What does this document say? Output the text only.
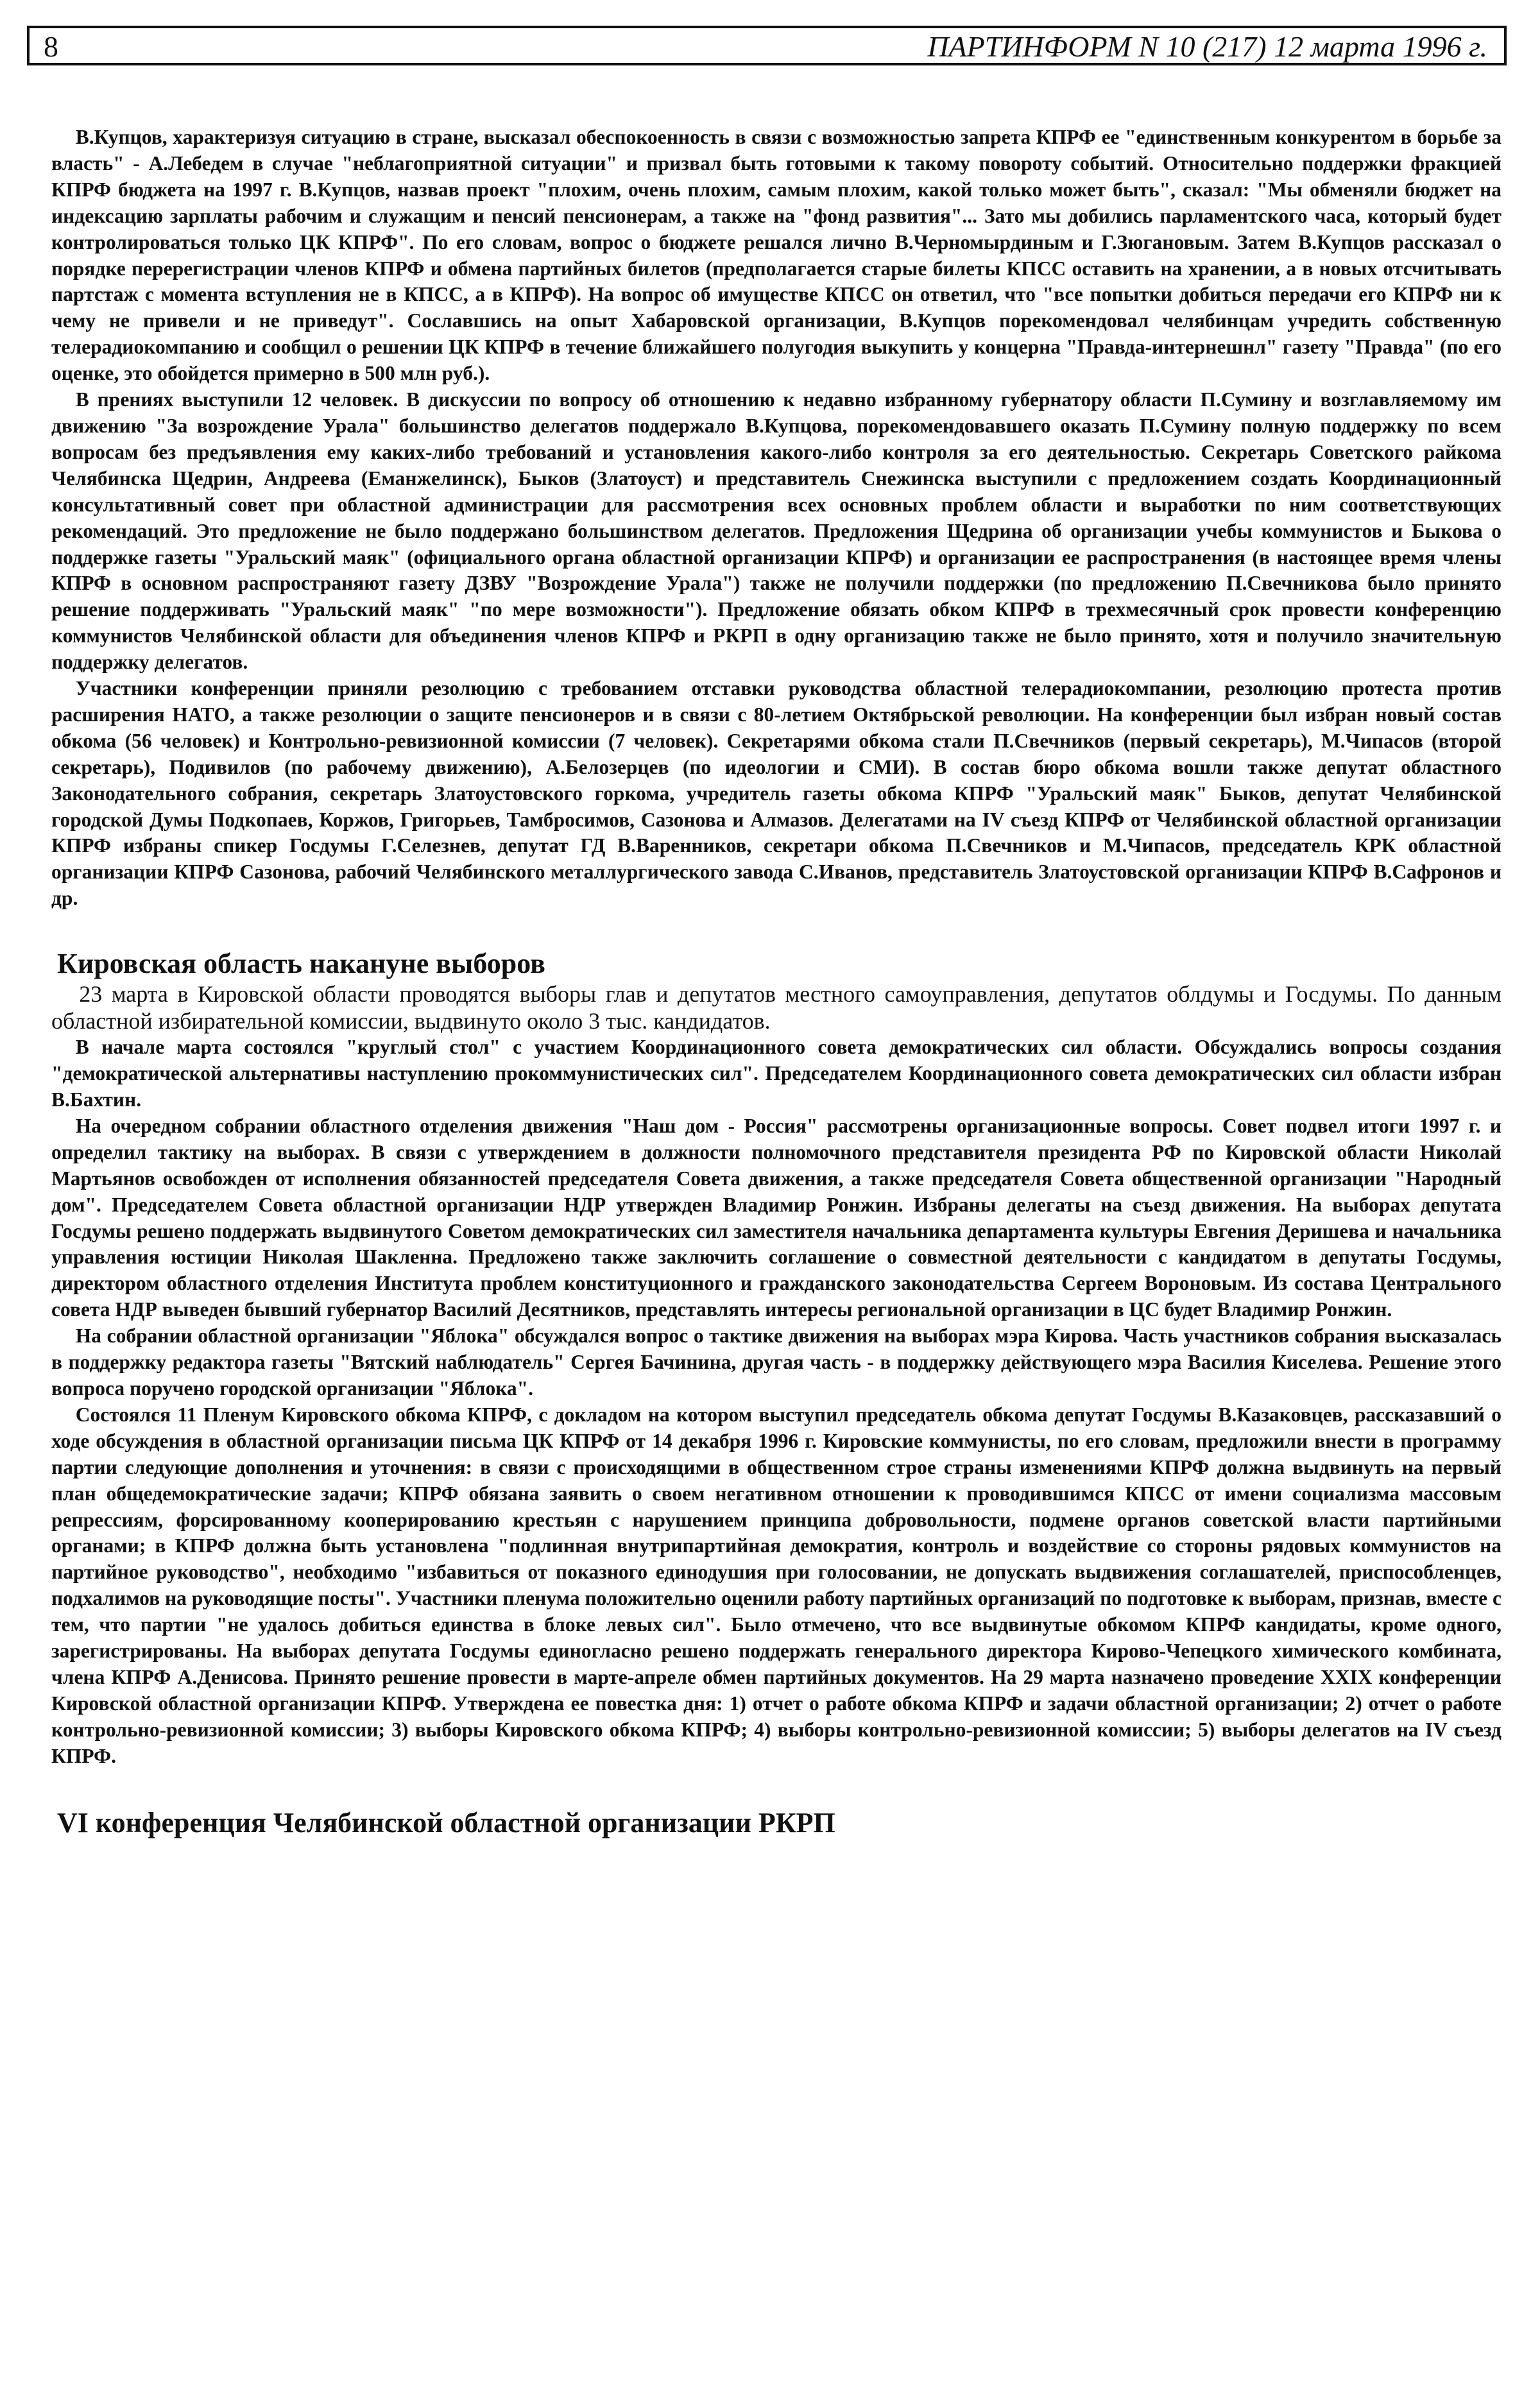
8	ПАРТИНФОРМ N 10 (217) 12 марта 1996 г.

В.Купцов, характеризуя ситуацию в стране, высказал обеспокоенность в связи с возможностью запрета КПРФ ее "единственным конкурентом в борьбе за власть" - А.Лебедем в случае "неблагоприятной ситуации" и призвал быть готовыми к такому повороту событий. Относительно поддержки фракцией КПРФ бюджета на 1997 г. В.Купцов, назвав проект "плохим, очень плохим, самым плохим, какой только может быть", сказал: "Мы обменяли бюджет на индексацию зарплаты рабочим и служащим и пенсий пенсионерам, а также на "фонд развития"... Зато мы добились парламентского часа, который будет контролироваться только ЦК КПРФ". По его словам, вопрос о бюджете решался лично В.Черномырдиным и Г.Зюгановым. Затем В.Купцов рассказал о порядке перерегистрации членов КПРФ и обмена партийных билетов (предполагается старые билеты КПСС оставить на хранении, а в новых отсчитывать партстаж с момента вступления не в КПСС, а в КПРФ). На вопрос об имуществе КПСС он ответил, что "все попытки добиться передачи его КПРФ ни к чему не привели и не приведут". Сославшись на опыт Хабаровской организации, В.Купцов порекомендовал челябинцам учредить собственную телерадиокомпанию и сообщил о решении ЦК КПРФ в течение ближайшего полугодия выкупить у концерна "Правда-интернешнл" газету "Правда" (по его оценке, это обойдется примерно в 500 млн руб.).

В прениях выступили 12 человек. В дискуссии по вопросу об отношению к недавно избранному губернатору области П.Сумину и возглавляемому им движению "За возрождение Урала" большинство делегатов поддержало В.Купцова, порекомендовавшего оказать П.Сумину полную поддержку по всем вопросам без предъявления ему каких-либо требований и установления какого-либо контроля за его деятельностью. Секретарь Советского райкома Челябинска Щедрин, Андреева (Еманжелинск), Быков (Златоуст) и представитель Снежинска выступили с предложением создать Координационный консультативный совет при областной администрации для рассмотрения всех основных проблем области и выработки по ним соответствующих рекомендаций. Это предложение не было поддержано большинством делегатов. Предложения Щедрина об организации учебы коммунистов и Быкова о поддержке газеты "Уральский маяк" (официального органа областной организации КПРФ) и организации ее распространения (в настоящее время члены КПРФ в основном распространяют газету ДЗВУ "Возрождение Урала") также не получили поддержки (по предложению П.Свечникова было принято решение поддерживать "Уральский маяк" "по мере возможности"). Предложение обязать обком КПРФ в трехмесячный срок провести конференцию коммунистов Челябинской области для объединения членов КПРФ и РКРП в одну организацию также не было принято, хотя и получило значительную поддержку делегатов.

Участники конференции приняли резолюцию с требованием отставки руководства областной телерадиокомпании, резолюцию протеста против расширения НАТО, а также резолюции о защите пенсионеров и в связи с 80-летием Октябрьской революции. На конференции был избран новый состав обкома (56 человек) и Контрольно-ревизионной комиссии (7 человек). Секретарями обкома стали П.Свечников (первый секретарь), М.Чипасов (второй секретарь), Подивилов (по рабочему движению), А.Белозерцев (по идеологии и СМИ). В состав бюро обкома вошли также депутат областного Законодательного собрания, секретарь Златоустовского горкома, учредитель газеты обкома КПРФ "Уральский маяк" Быков, депутат Челябинской городской Думы Подкопаев, Коржов, Григорьев, Тамбросимов, Сазонова и Алмазов. Делегатами на IV съезд КПРФ от Челябинской областной организации КПРФ избраны спикер Госдумы Г.Селезнев, депутат ГД В.Варенников, секретари обкома П.Свечников и М.Чипасов, председатель КРК областной организации КПРФ Сазонова, рабочий Челябинского металлургического завода С.Иванов, представитель Златоустовской организации КПРФ В.Сафронов и др.

Кировская область накануне выборов

23 марта в Кировской области проводятся выборы глав и депутатов местного самоуправления, депутатов облдумы и Госдумы. По данным областной избирательной комиссии, выдвинуто около 3 тыс. кандидатов.

В начале марта состоялся "круглый стол" с участием Координационного совета демократических сил области. Обсуждались вопросы создания "демократической альтернативы наступлению прокоммунистических сил". Председателем Координационного совета демократических сил области избран В.Бахтин.

На очередном собрании областного отделения движения "Наш дом - Россия" рассмотрены организационные вопросы. Совет подвел итоги 1997 г. и определил тактику на выборах. В связи с утверждением в должности полномочного представителя президента РФ по Кировской области Николай Мартьянов освобожден от исполнения обязанностей председателя Совета движения, а также председателя Совета общественной организации "Народный дом". Председателем Совета областной организации НДР утвержден Владимир Ронжин. Избраны делегаты на съезд движения. На выборах депутата Госдумы решено поддержать выдвинутого Советом демократических сил заместителя начальника департамента культуры Евгения Деришева и начальника управления юстиции Николая Шакленна. Предложено также заключить соглашение о совместной деятельности с кандидатом в депутаты Госдумы, директором областного отделения Института проблем конституционного и гражданского законодательства Сергеем Вороновым. Из состава Центрального совета НДР выведен бывший губернатор Василий Десятников, представлять интересы региональной организации в ЦС будет Владимир Ронжин.

На собрании областной организации "Яблока" обсуждался вопрос о тактике движения на выборах мэра Кирова. Часть участников собрания высказалась в поддержку редактора газеты "Вятский наблюдатель" Сергея Бачинина, другая часть - в поддержку действующего мэра Василия Киселева. Решение этого вопроса поручено городской организации "Яблока".

Состоялся 11 Пленум Кировского обкома КПРФ, с докладом на котором выступил председатель обкома депутат Госдумы В.Казаковцев, рассказавший о ходе обсуждения в областной организации письма ЦК КПРФ от 14 декабря 1996 г. Кировские коммунисты, по его словам, предложили внести в программу партии следующие дополнения и уточнения: в связи с происходящими в общественном строе страны изменениями КПРФ должна выдвинуть на первый план общедемократические задачи; КПРФ обязана заявить о своем негативном отношении к проводившимся КПСС от имени социализма массовым репрессиям, форсированному кооперированию крестьян с нарушением принципа добровольности, подмене органов советской власти партийными органами; в КПРФ должна быть установлена "подлинная внутрипартийная демократия, контроль и воздействие со стороны рядовых коммунистов на партийное руководство", необходимо "избавиться от показного единодушия при голосовании, не допускать выдвижения соглашателей, приспособленцев, подхалимов на руководящие посты". Участники пленума положительно оценили работу партийных организаций по подготовке к выборам, признав, вместе с тем, что партии "не удалось добиться единства в блоке левых сил". Было отмечено, что все выдвинутые обкомом КПРФ кандидаты, кроме одного, зарегистрированы. На выборах депутата Госдумы единогласно решено поддержать генерального директора Кирово-Чепецкого химического комбината, члена КПРФ А.Денисова. Принято решение провести в марте-апреле обмен партийных документов. На 29 марта назначено проведение XXIX конференции Кировской областной организации КПРФ. Утверждена ее повестка дня: 1) отчет о работе обкома КПРФ и задачи областной организации; 2) отчет о работе контрольно-ревизионной комиссии; 3) выборы Кировского обкома КПРФ; 4) выборы контрольно-ревизионной комиссии; 5) выборы делегатов на IV съезд КПРФ.

VI конференция Челябинской областной организации РКРП
